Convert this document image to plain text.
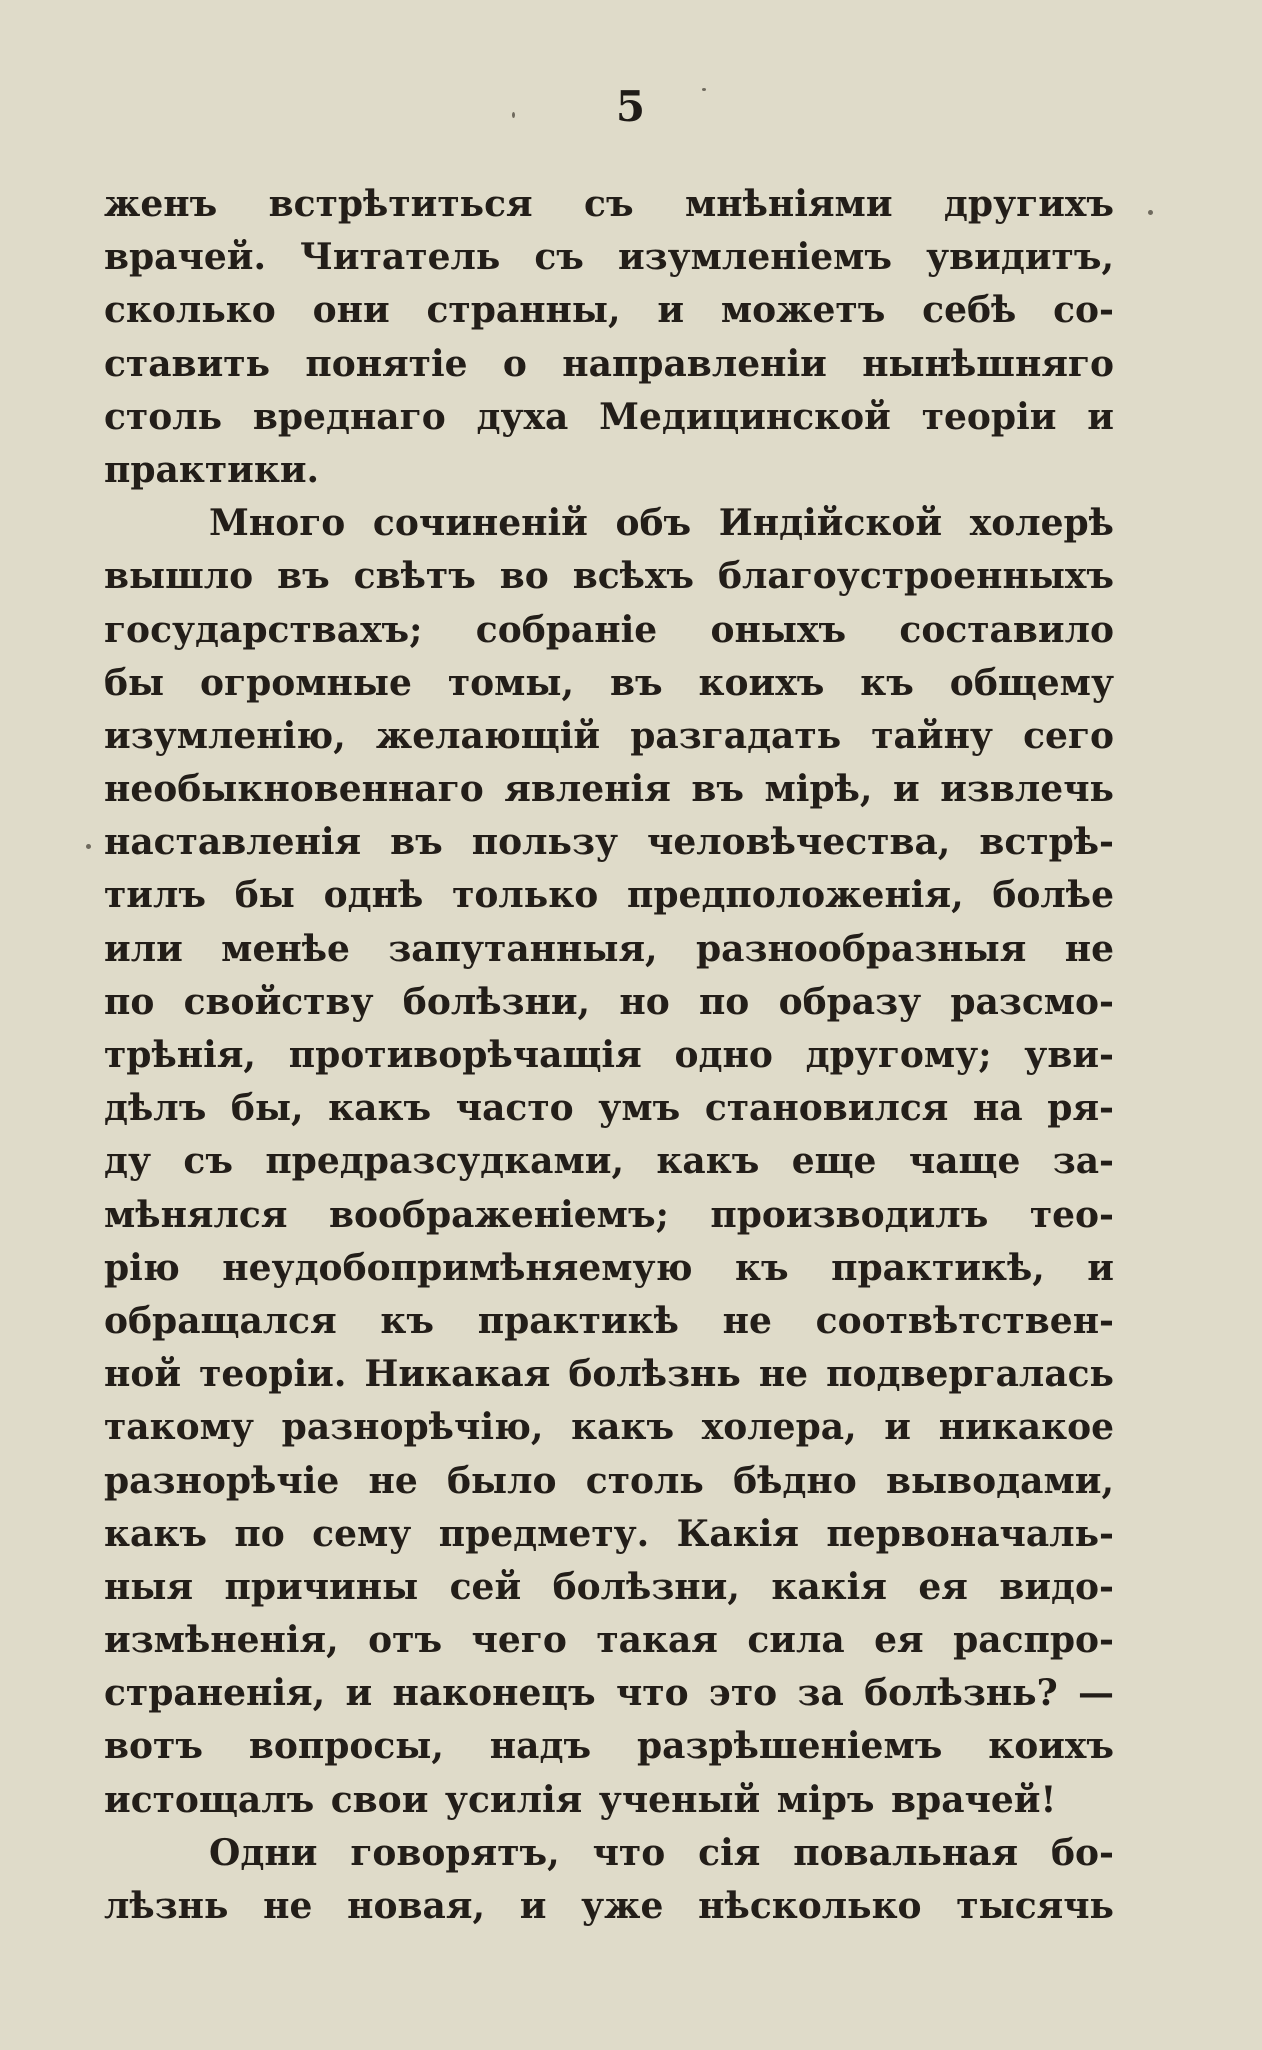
5
женъ встрѣтиться съ мнѣніями другихъ
врачей. Читатель съ изумленіемъ увидитъ,
сколько они странны, и можетъ себѣ со-
ставить понятіе о направленіи нынѣшняго
столь вреднаго духа Медицинской теоріи и
практики.
Много сочиненій объ Индійской холерѣ
вышло въ свѣтъ во всѣхъ благоустроенныхъ
государствахъ; собраніе оныхъ составило
бы огромные томы, въ коихъ къ общему
изумленію, желающій разгадать тайну сего
необыкновеннаго явленія въ мірѣ, и извлечь
наставленія въ пользу человѣчества, встрѣ-
тилъ бы однѣ только предположенія, болѣе
или менѣе запутанныя, разнообразныя не
по свойству болѣзни, но по образу разсмо-
трѣнія, противорѣчащія одно другому; уви-
дѣлъ бы, какъ часто умъ становился на ря-
ду съ предразсудками, какъ еще чаще за-
мѣнялся воображеніемъ; производилъ теo-
рію неудобопримѣняемую къ практикѣ, и
обращался къ практикѣ не соотвѣтствен-
ной теоріи. Никакая болѣзнь не подвергалась
такому разнорѣчію, какъ холера, и никакое
разнорѣчіе не было столь бѣдно выводами,
какъ по сему предмету. Какія первоначаль-
ныя причины сей болѣзни, какія ея видо-
измѣненія, отъ чего такая сила ея распро-
страненія, и наконецъ что это за болѣзнь? —
вотъ вопросы, надъ разрѣшеніемъ коихъ
истощалъ свои усилія ученый міръ врачей!
Одни говорятъ, что сія повальная бо-
лѣзнь не новая, и уже нѣсколько тысячь
